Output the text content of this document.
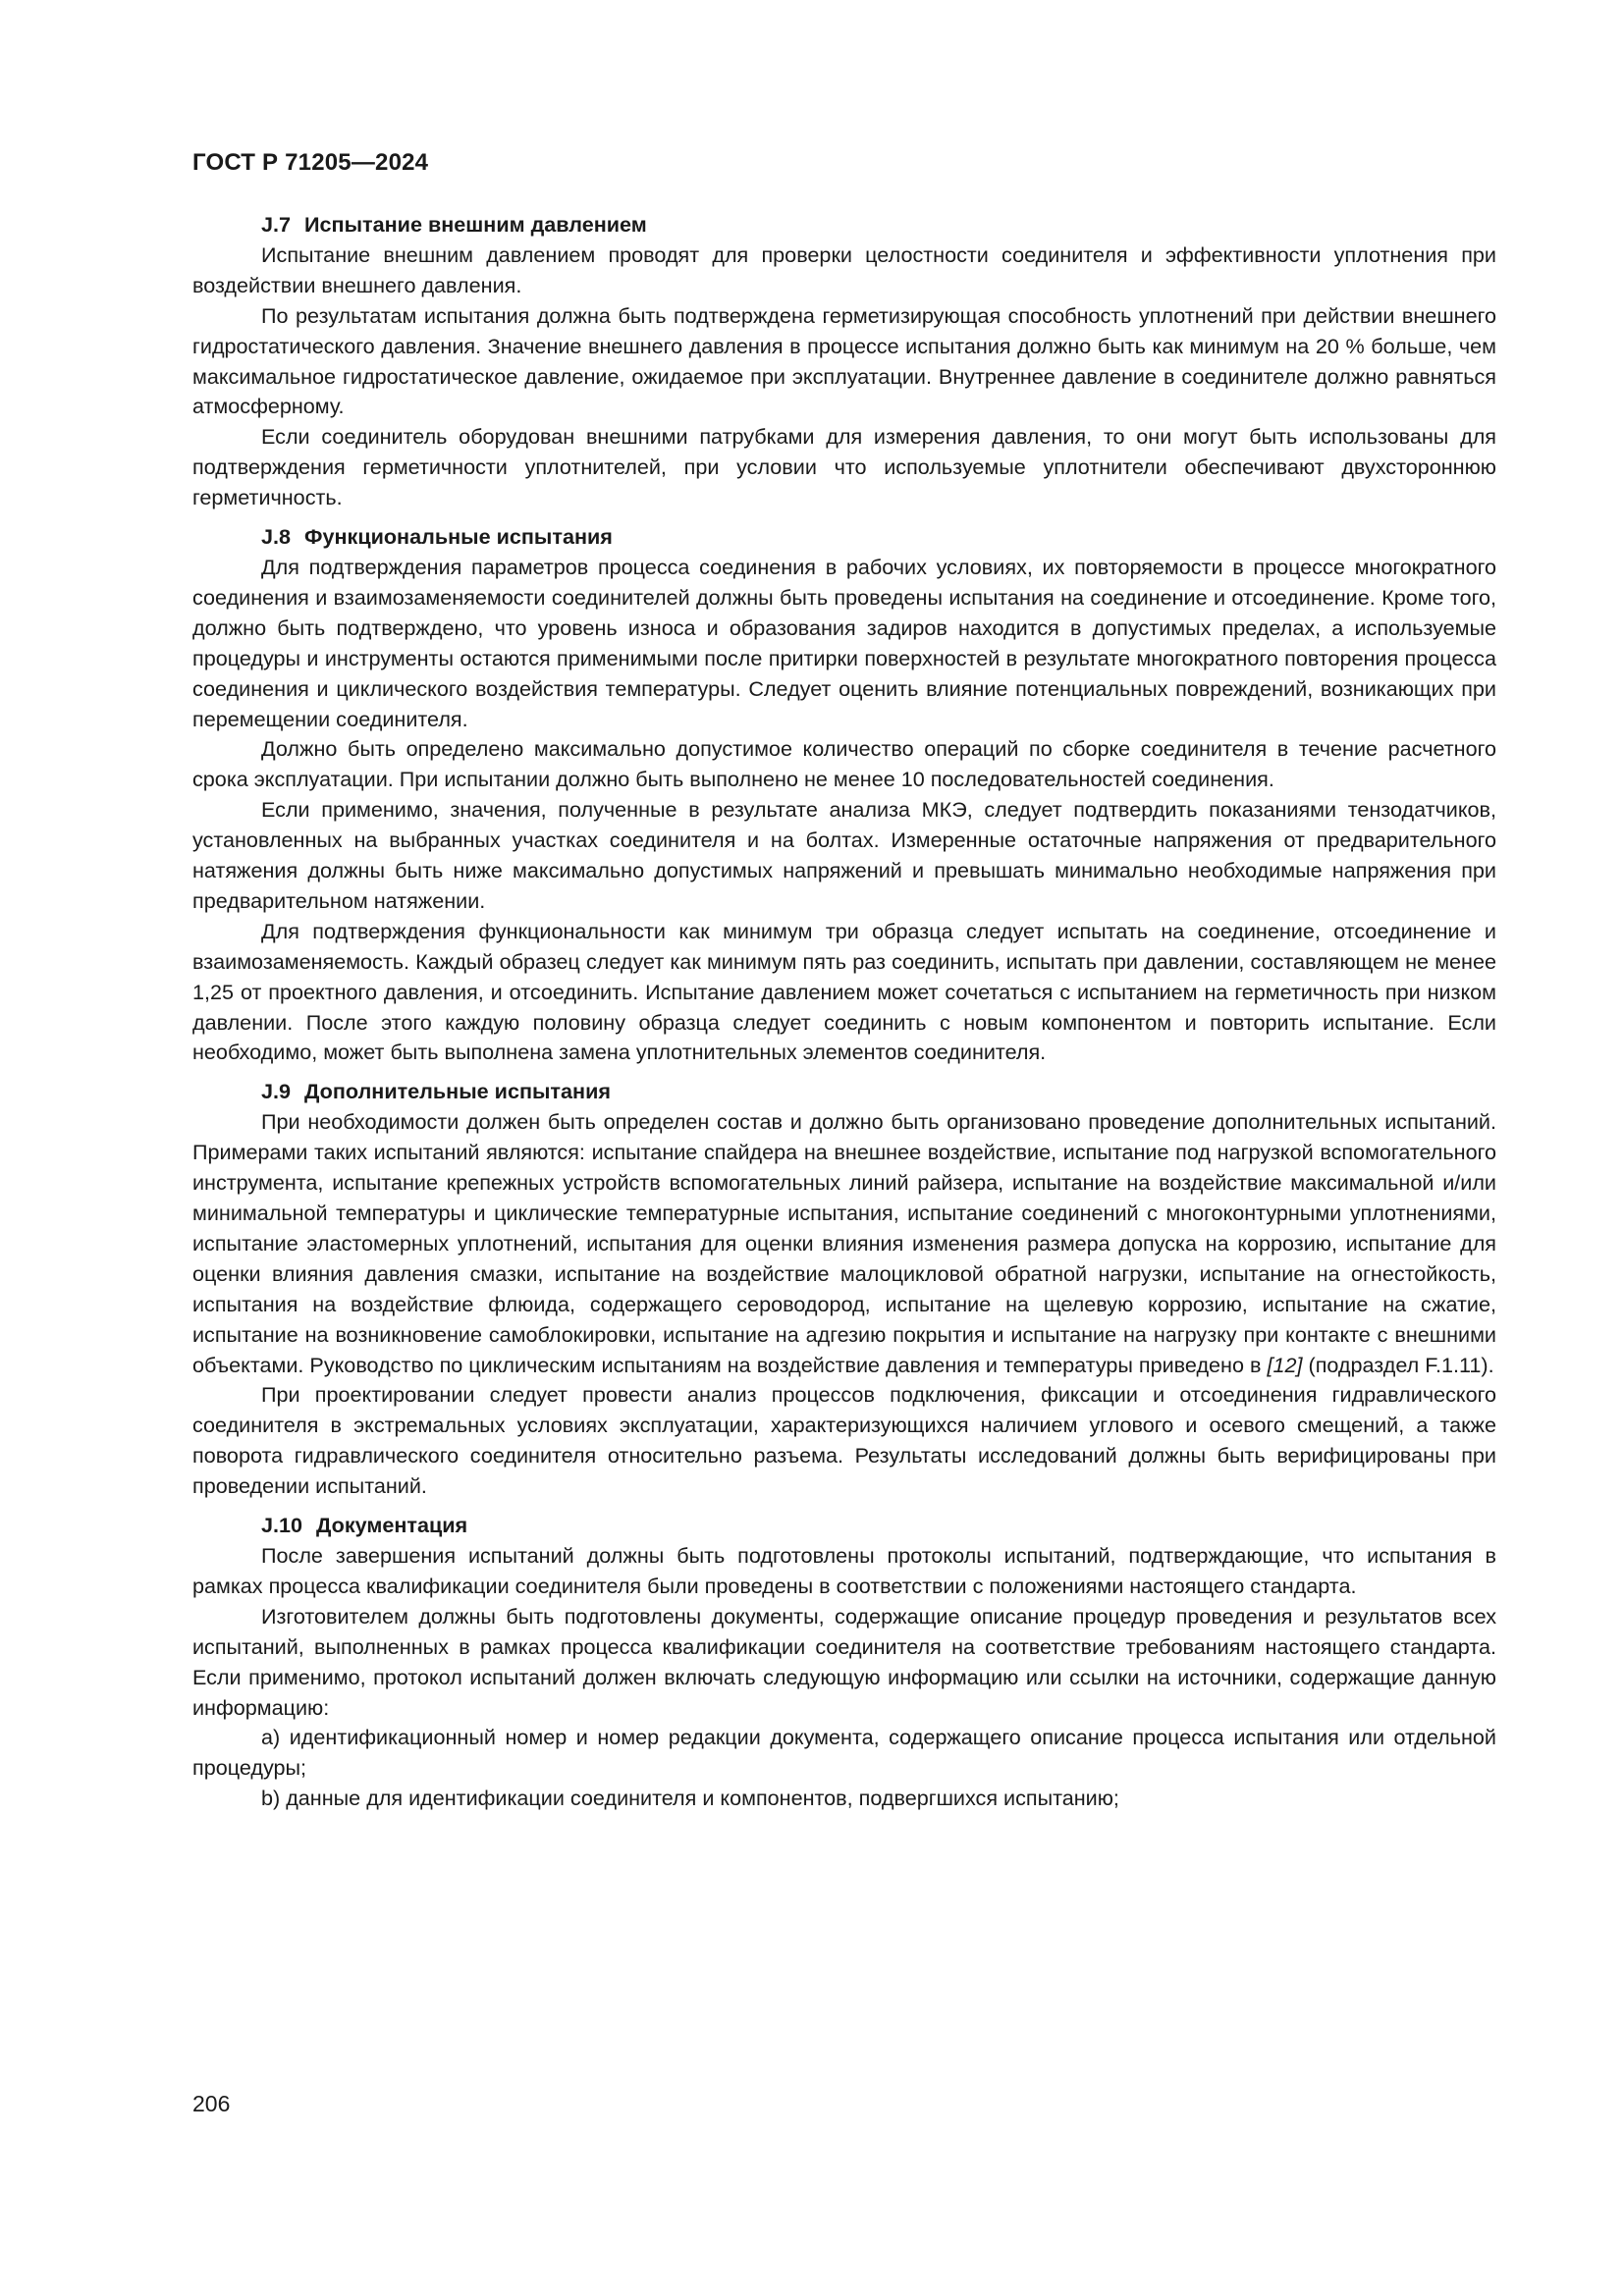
ГОСТ Р 71205—2024

J.7 Испытание внешним давлением

Испытание внешним давлением проводят для проверки целостности соединителя и эффективности уплотнения при воздействии внешнего давления.

По результатам испытания должна быть подтверждена герметизирующая способность уплотнений при действии внешнего гидростатического давления. Значение внешнего давления в процессе испытания должно быть как минимум на 20 % больше, чем максимальное гидростатическое давление, ожидаемое при эксплуатации. Внутреннее давление в соединителе должно равняться атмосферному.

Если соединитель оборудован внешними патрубками для измерения давления, то они могут быть использованы для подтверждения герметичности уплотнителей, при условии что используемые уплотнители обеспечивают двухстороннюю герметичность.

J.8 Функциональные испытания

Для подтверждения параметров процесса соединения в рабочих условиях, их повторяемости в процессе многократного соединения и взаимозаменяемости соединителей должны быть проведены испытания на соединение и отсоединение. Кроме того, должно быть подтверждено, что уровень износа и образования задиров находится в допустимых пределах, а используемые процедуры и инструменты остаются применимыми после притирки поверхностей в результате многократного повторения процесса соединения и циклического воздействия температуры. Следует оценить влияние потенциальных повреждений, возникающих при перемещении соединителя.

Должно быть определено максимально допустимое количество операций по сборке соединителя в течение расчетного срока эксплуатации. При испытании должно быть выполнено не менее 10 последовательностей соединения.

Если применимо, значения, полученные в результате анализа МКЭ, следует подтвердить показаниями тензодатчиков, установленных на выбранных участках соединителя и на болтах. Измеренные остаточные напряжения от предварительного натяжения должны быть ниже максимально допустимых напряжений и превышать минимально необходимые напряжения при предварительном натяжении.

Для подтверждения функциональности как минимум три образца следует испытать на соединение, отсоединение и взаимозаменяемость. Каждый образец следует как минимум пять раз соединить, испытать при давлении, составляющем не менее 1,25 от проектного давления, и отсоединить. Испытание давлением может сочетаться с испытанием на герметичность при низком давлении. После этого каждую половину образца следует соединить с новым компонентом и повторить испытание. Если необходимо, может быть выполнена замена уплотнительных элементов соединителя.

J.9 Дополнительные испытания

При необходимости должен быть определен состав и должно быть организовано проведение дополнительных испытаний. Примерами таких испытаний являются: испытание спайдера на внешнее воздействие, испытание под нагрузкой вспомогательного инструмента, испытание крепежных устройств вспомогательных линий райзера, испытание на воздействие максимальной и/или минимальной температуры и циклические температурные испытания, испытание соединений с многоконтурными уплотнениями, испытание эластомерных уплотнений, испытания для оценки влияния изменения размера допуска на коррозию, испытание для оценки влияния давления смазки, испытание на воздействие малоцикловой обратной нагрузки, испытание на огнестойкость, испытания на воздействие флюида, содержащего сероводород, испытание на щелевую коррозию, испытание на сжатие, испытание на возникновение самоблокировки, испытание на адгезию покрытия и испытание на нагрузку при контакте с внешними объектами. Руководство по циклическим испытаниям на воздействие давления и температуры приведено в [12] (подраздел F.1.11).

При проектировании следует провести анализ процессов подключения, фиксации и отсоединения гидравлического соединителя в экстремальных условиях эксплуатации, характеризующихся наличием углового и осевого смещений, а также поворота гидравлического соединителя относительно разъема. Результаты исследований должны быть верифицированы при проведении испытаний.

J.10 Документация

После завершения испытаний должны быть подготовлены протоколы испытаний, подтверждающие, что испытания в рамках процесса квалификации соединителя были проведены в соответствии с положениями настоящего стандарта.

Изготовителем должны быть подготовлены документы, содержащие описание процедур проведения и результатов всех испытаний, выполненных в рамках процесса квалификации соединителя на соответствие требованиям настоящего стандарта. Если применимо, протокол испытаний должен включать следующую информацию или ссылки на источники, содержащие данную информацию:

a) идентификационный номер и номер редакции документа, содержащего описание процесса испытания или отдельной процедуры;

b) данные для идентификации соединителя и компонентов, подвергшихся испытанию;

206
